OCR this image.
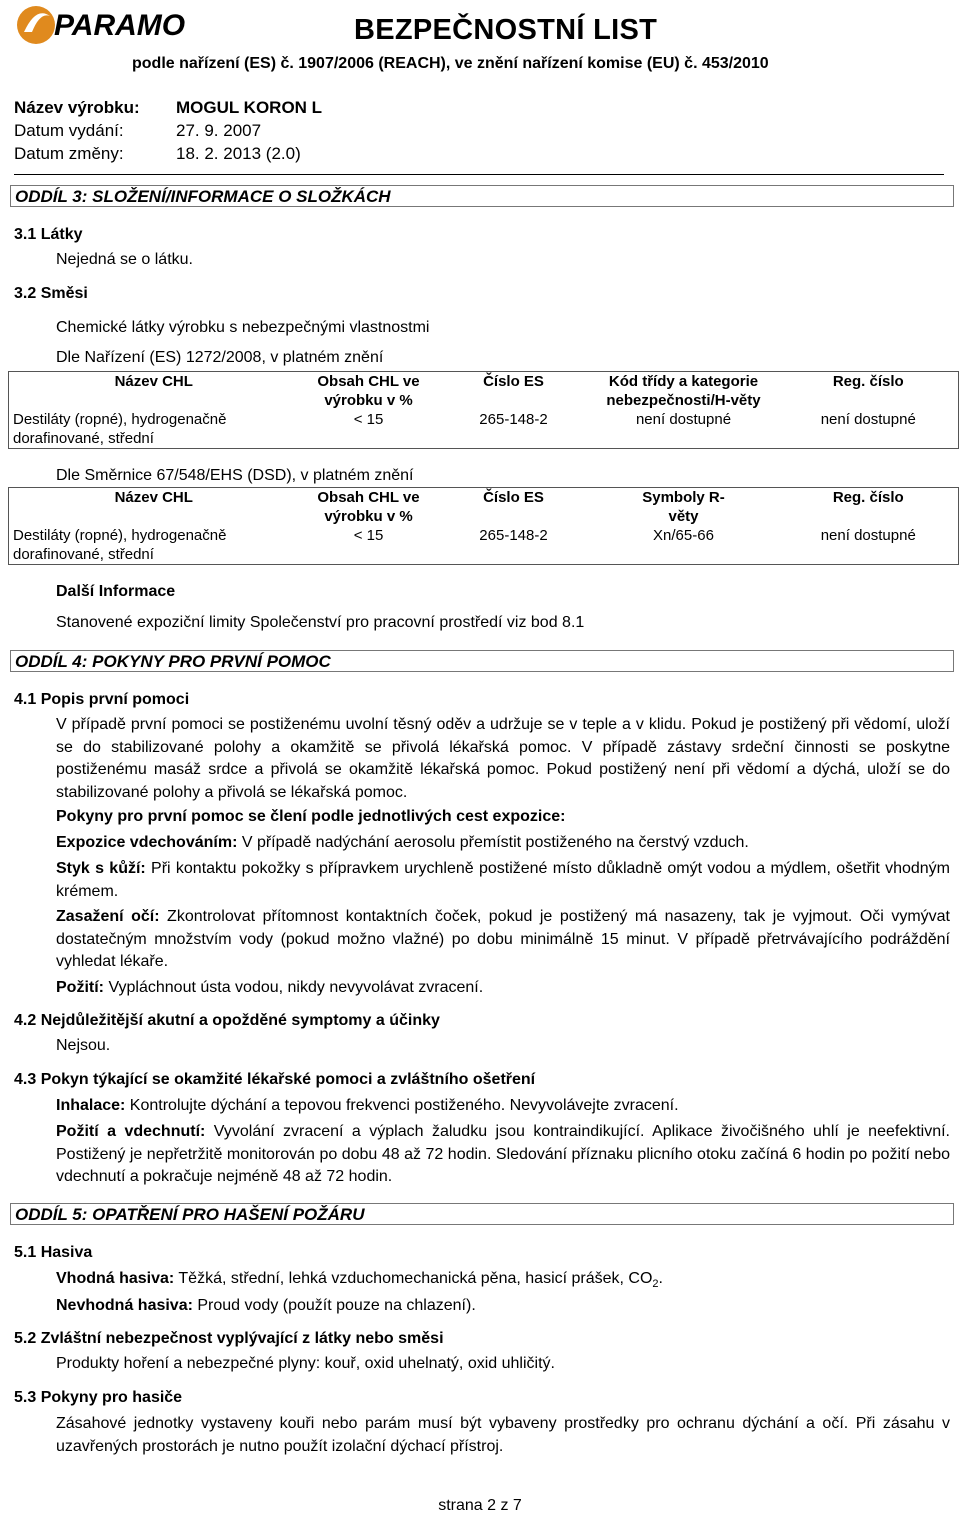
PARAMO	BEZPEČNOSTNÍ LIST
podle nařízení (ES) č. 1907/2006 (REACH), ve znění nařízení komise (EU) č. 453/2010
Název výrobku: MOGUL KORON L
Datum vydání:	27. 9. 2007
Datum změny:	18. 2. 2013 (2.0)
ODDÍL 3: SLOŽENÍ/INFORMACE O SLOŽKÁCH
3.1 Látky
Nejedná se o látku.
3.2 Směsi
Chemické látky výrobku s nebezpečnými vlastnostmi
Dle Nařízení (ES) 1272/2008, v platném znění
Název CHL	Obsah CHL ve výrobku v %	Číslo ES	Kód třídy a kategorie nebezpečnosti/H-věty	Reg. číslo
Destiláty (ropné), hydrogenačně dorafinované, střední	< 15	265-148-2	není dostupné	není dostupné
Dle Směrnice 67/548/EHS (DSD), v platném znění
Název CHL	Obsah CHL ve výrobku v %	Číslo ES	Symboly R-věty	Reg. číslo
Destiláty (ropné), hydrogenačně dorafinované, střední	< 15	265-148-2	Xn/65-66	není dostupné
Další Informace
Stanovené expoziční limity Společenství pro pracovní prostředí viz bod 8.1
ODDÍL 4: POKYNY PRO PRVNÍ POMOC
4.1 Popis první pomoci
V případě první pomoci se postiženému uvolní těsný oděv a udržuje se v teple a v klidu. Pokud je postižený při vědomí, uloží se do stabilizované polohy a okamžitě se přivolá lékařská pomoc. V případě zástavy srdeční činnosti se poskytne postiženému masáž srdce a přivolá se okamžitě lékařská pomoc. Pokud postižený není při vědomí a dýchá, uloží se do stabilizované polohy a přivolá se lékařská pomoc.
Pokyny pro první pomoc se člení podle jednotlivých cest expozice:
Expozice vdechováním: V případě nadýchání aerosolu přemístit postiženého na čerstvý vzduch.
Styk s kůží: Při kontaktu pokožky s přípravkem urychleně postižené místo důkladně omýt vodou a mýdlem, ošetřit vhodným krémem.
Zasažení očí: Zkontrolovat přítomnost kontaktních čoček, pokud je postižený má nasazeny, tak je vyjmout. Oči vymývat dostatečným množstvím vody (pokud možno vlažné) po dobu minimálně 15 minut. V případě přetrvávajícího podráždění vyhledat lékaře.
Požití: Vypláchnout ústa vodou, nikdy nevyvolávat zvracení.
4.2 Nejdůležitější akutní a opožděné symptomy a účinky
Nejsou.
4.3 Pokyn týkající se okamžité lékařské pomoci a zvláštního ošetření
Inhalace: Kontrolujte dýchání a tepovou frekvenci postiženého. Nevyvolávejte zvracení.
Požití a vdechnutí: Vyvolání zvracení a výplach žaludku jsou kontraindikující. Aplikace živočišného uhlí je neefektivní. Postižený je nepřetržitě monitorován po dobu 48 až 72 hodin. Sledování příznaku plicního otoku začíná 6 hodin po požití nebo vdechnutí a pokračuje nejméně 48 až 72 hodin.
ODDÍL 5: OPATŘENÍ PRO HAŠENÍ POŽÁRU
5.1 Hasiva
Vhodná hasiva: Těžká, střední, lehká vzduchomechanická pěna, hasicí prášek, $CO_2$.
Nevhodná hasiva: Proud vody (použít pouze na chlazení).
5.2 Zvláštní nebezpečnost vyplývající z látky nebo směsi
Produkty hoření a nebezpečné plyny: kouř, oxid uhelnatý, oxid uhličitý.
5.3 Pokyny pro hasiče
Zásahové jednotky vystaveny kouři nebo parám musí být vybaveny prostředky pro ochranu dýchání a očí. Při zásahu v uzavřených prostorách je nutno použít izolační dýchací přístroj.
strana 2 z 7
